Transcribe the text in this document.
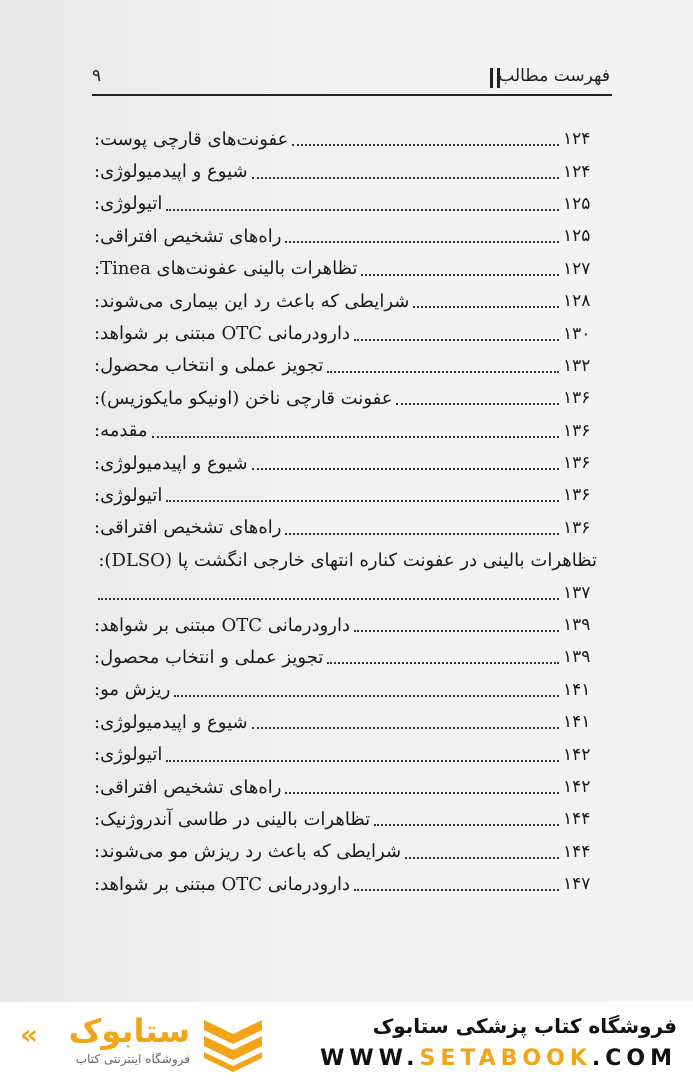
۹	فهرست مطالب
عفونت‌های قارچی پوست:	۱۲۴
شیوع و اپیدمیولوژی:	۱۲۴
اتیولوژی:	۱۲۵
راه‌های تشخیص افتراقی:	۱۲۵
تظاهرات بالینی عفونت‌های Tinea:	۱۲۷
شرایطی که باعث رد این بیماری می‌شوند:	۱۲۸
دارودرمانی OTC مبتنی بر شواهد:	۱۳۰
تجویز عملی و انتخاب محصول:	۱۳۲
عفونت قارچی ناخن (اونیکو مایکوزیس):	۱۳۶
مقدمه:	۱۳۶
شیوع و اپیدمیولوژی:	۱۳۶
اتیولوژی:	۱۳۶
راه‌های تشخیص افتراقی:	۱۳۶
تظاهرات بالینی در عفونت کناره انتهای خارجی انگشت پا (DLSO):
۱۳۷
دارودرمانی OTC مبتنی بر شواهد:	۱۳۹
تجویز عملی و انتخاب محصول:	۱۳۹
ریزش مو:	۱۴۱
شیوع و اپیدمیولوژی:	۱۴۱
اتیولوژی:	۱۴۲
راه‌های تشخیص افتراقی:	۱۴۲
تظاهرات بالینی در طاسی آندروژنیک:	۱۴۴
شرایطی که باعث رد ریزش مو می‌شوند:	۱۴۴
دارودرمانی OTC مبتنی بر شواهد:	۱۴۷
« ستابوک
فروشگاه اینترنتی کتاب
فروشگاه کتاب پزشکی ستابوک
WWW.SETABOOK.COM
